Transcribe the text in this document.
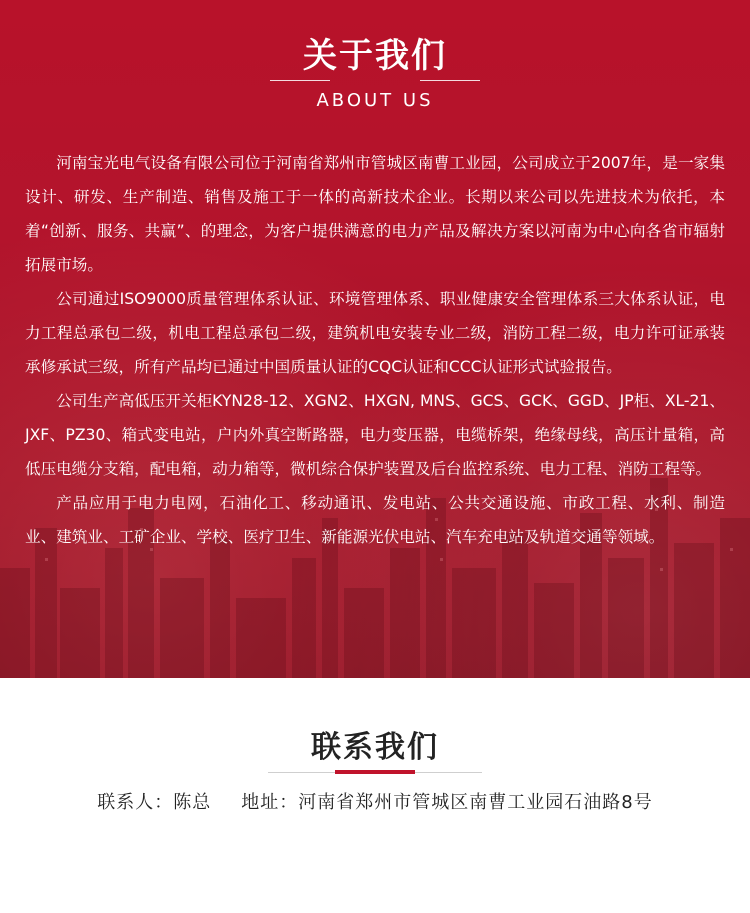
关于我们
ABOUT US

河南宝光电气设备有限公司位于河南省郑州市管城区南曹工业园，公司成立于2007年，是一家集设计、研发、生产制造、销售及施工于一体的高新技术企业。长期以来公司以先进技术为依托，本着“创新、服务、共赢”、的理念，为客户提供满意的电力产品及解决方案以河南为中心向各省市辐射拓展市场。

公司通过ISO9000质量管理体系认证、环境管理体系、职业健康安全管理体系三大体系认证，电力工程总承包二级，机电工程总承包二级，建筑机电安装专业二级，消防工程二级，电力许可证承装承修承试三级，所有产品均已通过中国质量认证的CQC认证和CCC认证形式试验报告。

公司生产高低压开关柜KYN28-12、XGN2、HXGN, MNS、GCS、GCK、GGD、JP柜、XL-21、JXF、PZ30、箱式变电站，户内外真空断路器，电力变压器，电缆桥架，绝缘母线，高压计量箱，高低压电缆分支箱，配电箱，动力箱等，微机综合保护装置及后台监控系统、电力工程、消防工程等。

产品应用于电力电网，石油化工、移动通讯、发电站、公共交通设施、市政工程、水利、制造业、建筑业、工矿企业、学校、医疗卫生、新能源光伏电站、汽车充电站及轨道交通等领域。

联系我们
联系人：陈总 地址：河南省郑州市管城区南曹工业园石油路8号
